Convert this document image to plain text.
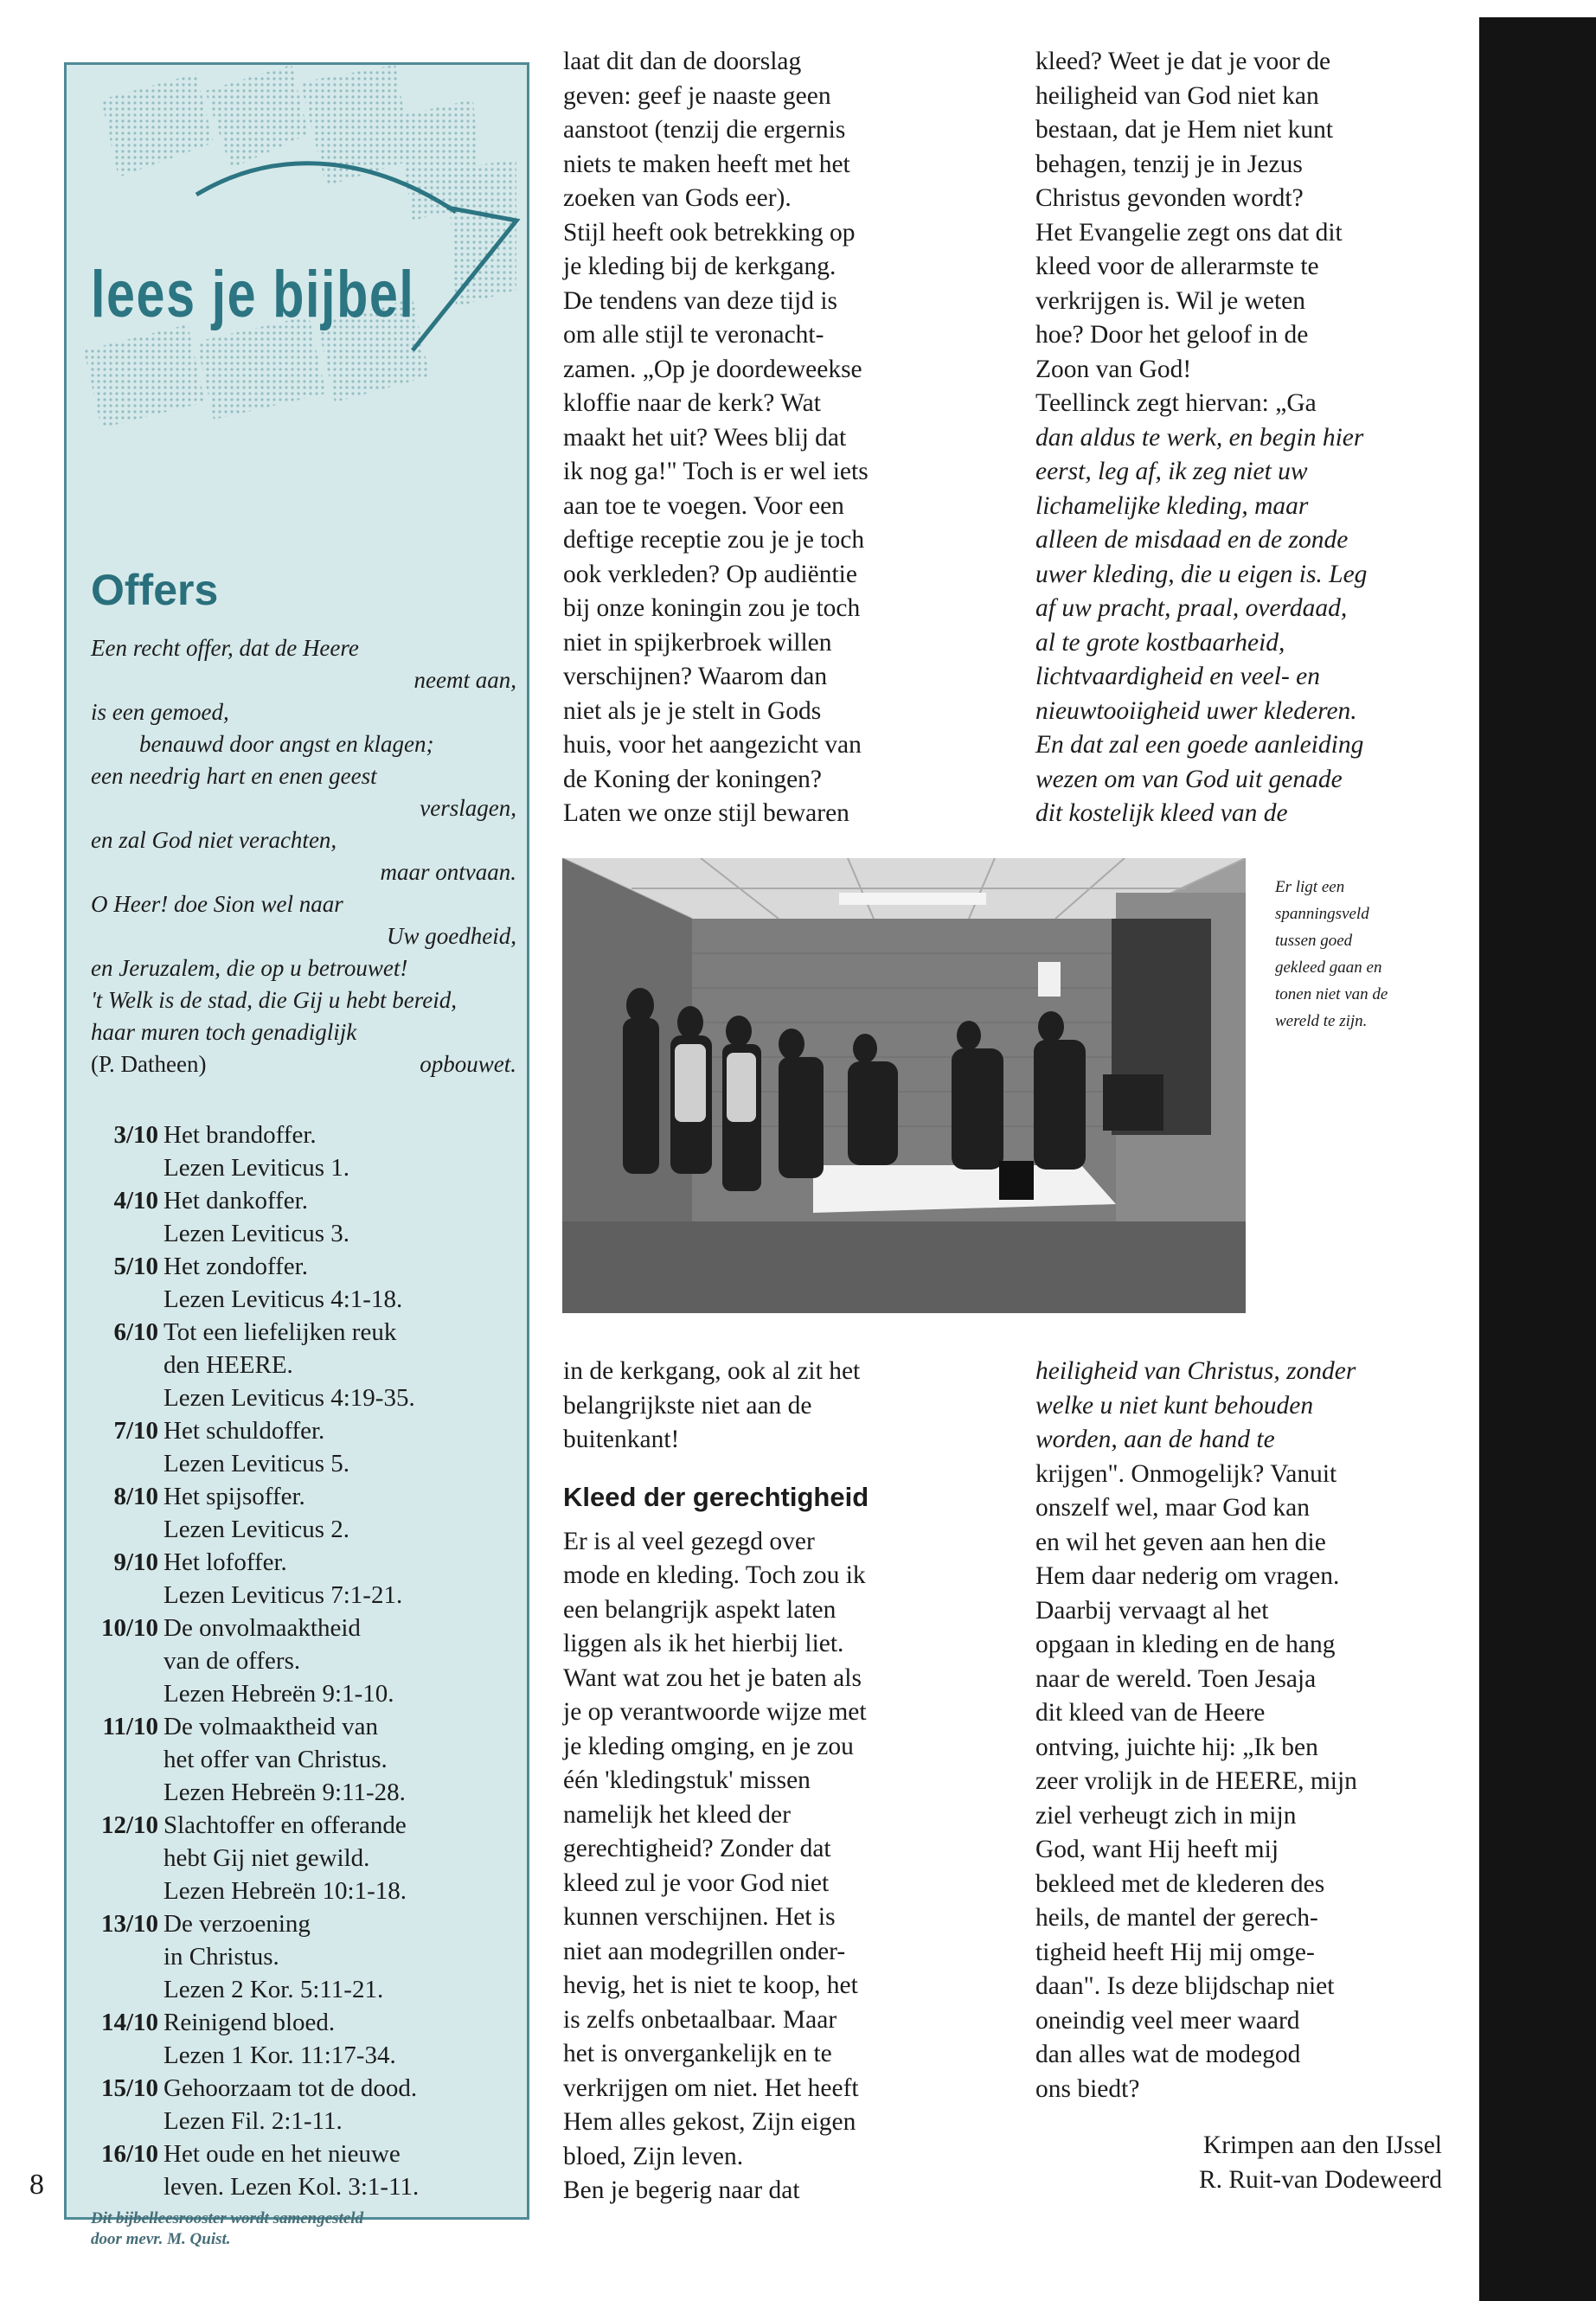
lees je bijbel
Offers
Een recht offer, dat de Heere
neemt aan,
is een gemoed,
benauwd door angst en klagen;
een needrig hart en enen geest
verslagen,
en zal God niet verachten,
maar ontvaan.
O Heer! doe Sion wel naar
Uw goedheid,
en Jeruzalem, die op u betrouwet!
't Welk is de stad, die Gij u hebt bereid,
haar muren toch genadiglijk
(P. Datheen)	opbouwet.
3/10 Het brandoffer.
Lezen Leviticus 1.
4/10 Het dankoffer.
Lezen Leviticus 3.
5/10 Het zondoffer.
Lezen Leviticus 4:1-18.
6/10 Tot een liefelijken reuk
den HEERE.
Lezen Leviticus 4:19-35.
7/10 Het schuldoffer.
Lezen Leviticus 5.
8/10 Het spijsoffer.
Lezen Leviticus 2.
9/10 Het lofoffer.
Lezen Leviticus 7:1-21.
10/10 De onvolmaaktheid
van de offers.
Lezen Hebreën 9:1-10.
11/10 De volmaaktheid van
het offer van Christus.
Lezen Hebreën 9:11-28.
12/10 Slachtoffer en offerande
hebt Gij niet gewild.
Lezen Hebreën 10:1-18.
13/10 De verzoening
in Christus.
Lezen 2 Kor. 5:11-21.
14/10 Reinigend bloed.
Lezen 1 Kor. 11:17-34.
15/10 Gehoorzaam tot de dood.
Lezen Fil. 2:1-11.
16/10 Het oude en het nieuwe
leven. Lezen Kol. 3:1-11.
Dit bijbelleesrooster wordt samengesteld
door mevr. M. Quist.
8
laat dit dan de doorslag
geven: geef je naaste geen
aanstoot (tenzij die ergernis
niets te maken heeft met het
zoeken van Gods eer).
Stijl heeft ook betrekking op
je kleding bij de kerkgang.
De tendens van deze tijd is
om alle stijl te veronacht-
zamen. „Op je doordeweekse
kloffie naar de kerk? Wat
maakt het uit? Wees blij dat
ik nog ga!" Toch is er wel iets
aan toe te voegen. Voor een
deftige receptie zou je je toch
ook verkleden? Op audiëntie
bij onze koningin zou je toch
niet in spijkerbroek willen
verschijnen? Waarom dan
niet als je je stelt in Gods
huis, voor het aangezicht van
de Koning der koningen?
Laten we onze stijl bewaren
kleed? Weet je dat je voor de
heiligheid van God niet kan
bestaan, dat je Hem niet kunt
behagen, tenzij je in Jezus
Christus gevonden wordt?
Het Evangelie zegt ons dat dit
kleed voor de allerarmste te
verkrijgen is. Wil je weten
hoe? Door het geloof in de
Zoon van God!
Teellinck zegt hiervan: „Ga
dan aldus te werk, en begin hier
eerst, leg af, ik zeg niet uw
lichamelijke kleding, maar
alleen de misdaad en de zonde
uwer kleding, die u eigen is. Leg
af uw pracht, praal, overdaad,
al te grote kostbaarheid,
lichtvaardigheid en veel- en
nieuwtooiigheid uwer klederen.
En dat zal een goede aanleiding
wezen om van God uit genade
dit kostelijk kleed van de
Er ligt een
spanningsveld
tussen goed
gekleed gaan en
tonen niet van de
wereld te zijn.
in de kerkgang, ook al zit het
belangrijkste niet aan de
buitenkant!
Kleed der gerechtigheid
Er is al veel gezegd over
mode en kleding. Toch zou ik
een belangrijk aspekt laten
liggen als ik het hierbij liet.
Want wat zou het je baten als
je op verantwoorde wijze met
je kleding omging, en je zou
één 'kledingstuk' missen
namelijk het kleed der
gerechtigheid? Zonder dat
kleed zul je voor God niet
kunnen verschijnen. Het is
niet aan modegrillen onder-
hevig, het is niet te koop, het
is zelfs onbetaalbaar. Maar
het is onvergankelijk en te
verkrijgen om niet. Het heeft
Hem alles gekost, Zijn eigen
bloed, Zijn leven.
Ben je begerig naar dat
heiligheid van Christus, zonder
welke u niet kunt behouden
worden, aan de hand te
krijgen". Onmogelijk? Vanuit
onszelf wel, maar God kan
en wil het geven aan hen die
Hem daar nederig om vragen.
Daarbij vervaagt al het
opgaan in kleding en de hang
naar de wereld. Toen Jesaja
dit kleed van de Heere
ontving, juichte hij: „Ik ben
zeer vrolijk in de HEERE, mijn
ziel verheugt zich in mijn
God, want Hij heeft mij
bekleed met de klederen des
heils, de mantel der gerech-
tigheid heeft Hij mij omge-
daan". Is deze blijdschap niet
oneindig veel meer waard
dan alles wat de modegod
ons biedt?
Krimpen aan den IJssel
R. Ruit-van Dodeweerd
